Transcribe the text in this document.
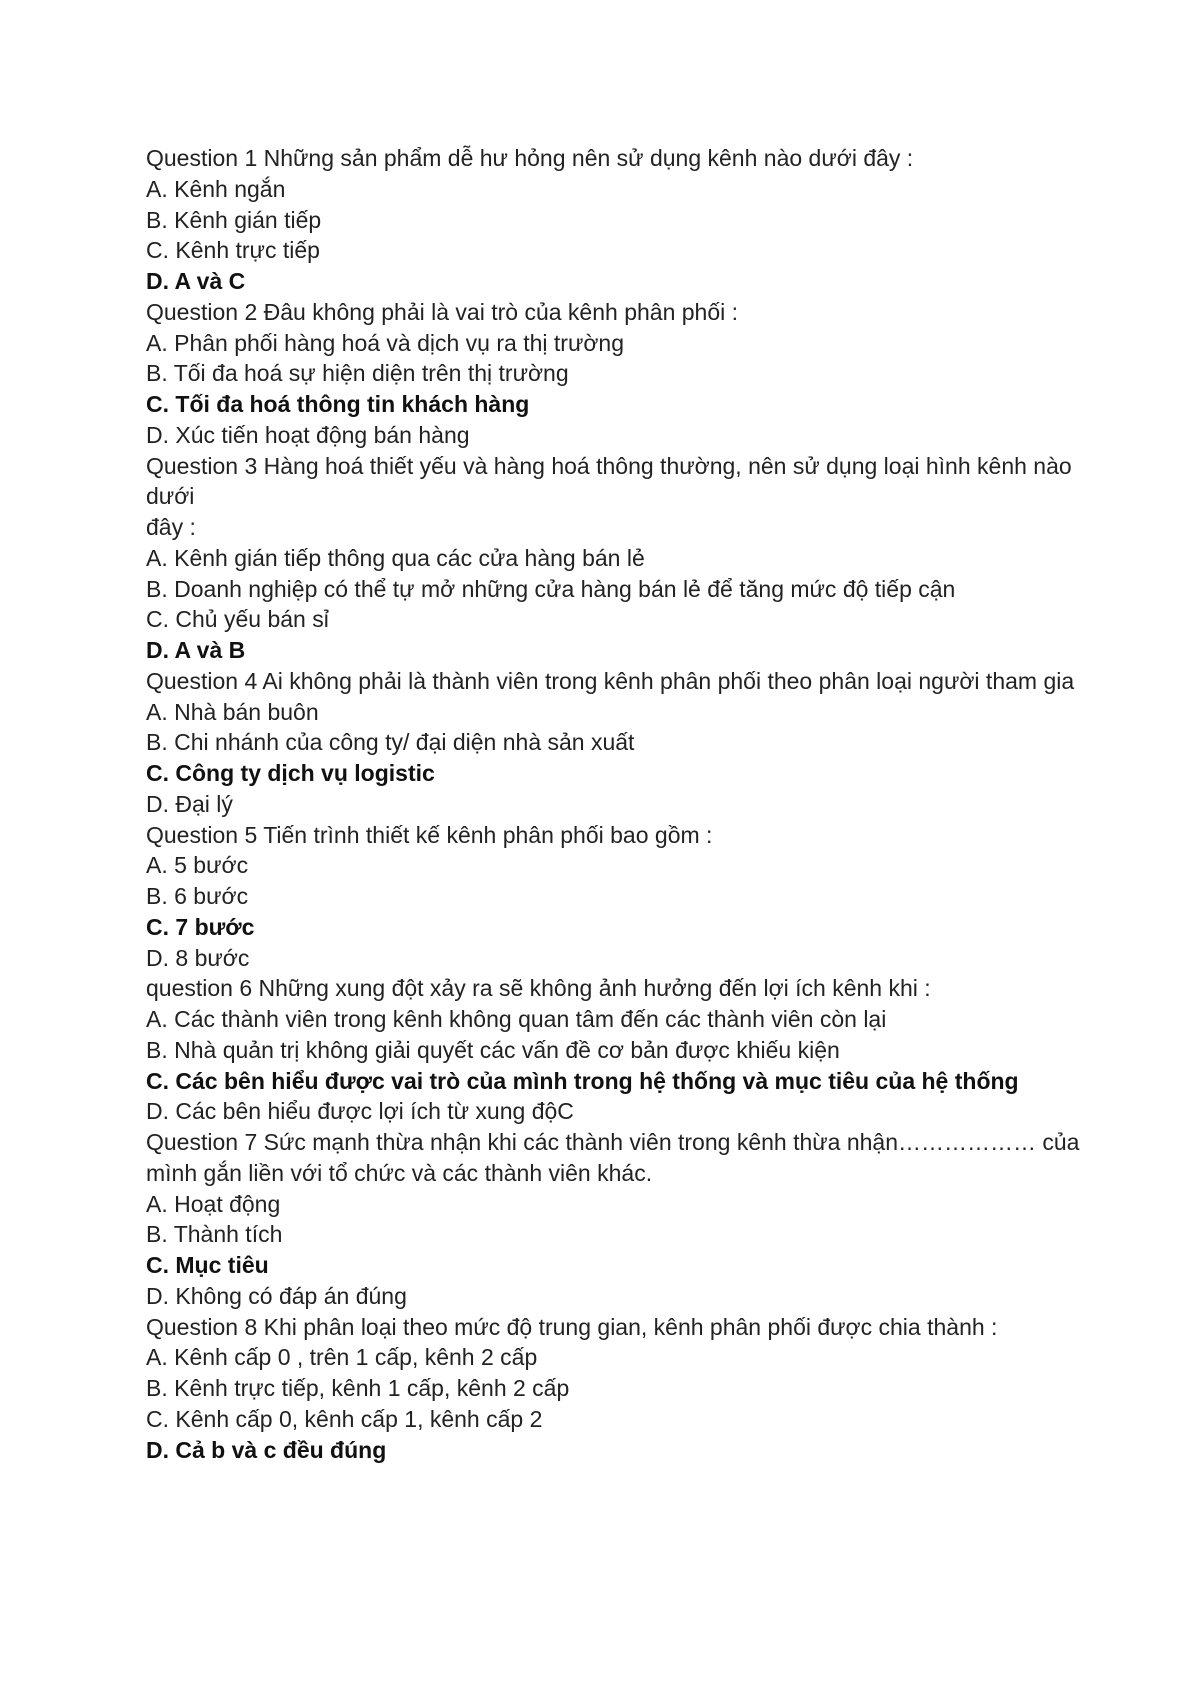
Question 1 Những sản phẩm dễ hư hỏng nên sử dụng kênh nào dưới đây :

A. Kênh ngắn

B. Kênh gián tiếp

C. Kênh trực tiếp

D. A và C

Question 2 Đâu không phải là vai trò của kênh phân phối :

A. Phân phối hàng hoá và dịch vụ ra thị trường

B. Tối đa hoá sự hiện diện trên thị trường

C. Tối đa hoá thông tin khách hàng

D. Xúc tiến hoạt động bán hàng

Question 3 Hàng hoá thiết yếu và hàng hoá thông thường, nên sử dụng loại hình kênh nào dưới

đây :

A. Kênh gián tiếp thông qua các cửa hàng bán lẻ

B. Doanh nghiệp có thể tự mở những cửa hàng bán lẻ để tăng mức độ tiếp cận

C. Chủ yếu bán sỉ

D. A và B

Question 4 Ai không phải là thành viên trong kênh phân phối theo phân loại người tham gia

A. Nhà bán buôn

B. Chi nhánh của công ty/ đại diện nhà sản xuất

C. Công ty dịch vụ logistic

D. Đại lý

Question 5 Tiến trình thiết kế kênh phân phối bao gồm :

A. 5 bước

B. 6 bước

C. 7 bước

D. 8 bước

question 6 Những xung đột xảy ra sẽ không ảnh hưởng đến lợi ích kênh khi :

A. Các thành viên trong kênh không quan tâm đến các thành viên còn lại

B. Nhà quản trị không giải quyết các vấn đề cơ bản được khiếu kiện

C. Các bên hiểu được vai trò của mình trong hệ thống và mục tiêu của hệ thống

D. Các bên hiểu được lợi ích từ xung độC

Question 7 Sức mạnh thừa nhận khi các thành viên trong kênh thừa nhận……………… của

mình gắn liền với tổ chức và các thành viên khác.

A. Hoạt động

B. Thành tích

C. Mục tiêu

D. Không có đáp án đúng

Question 8 Khi phân loại theo mức độ trung gian, kênh phân phối được chia thành :

A. Kênh cấp 0 , trên 1 cấp, kênh 2 cấp

B. Kênh trực tiếp, kênh 1 cấp, kênh 2 cấp

C. Kênh cấp 0, kênh cấp 1, kênh cấp 2

D. Cả b và c đều đúng
